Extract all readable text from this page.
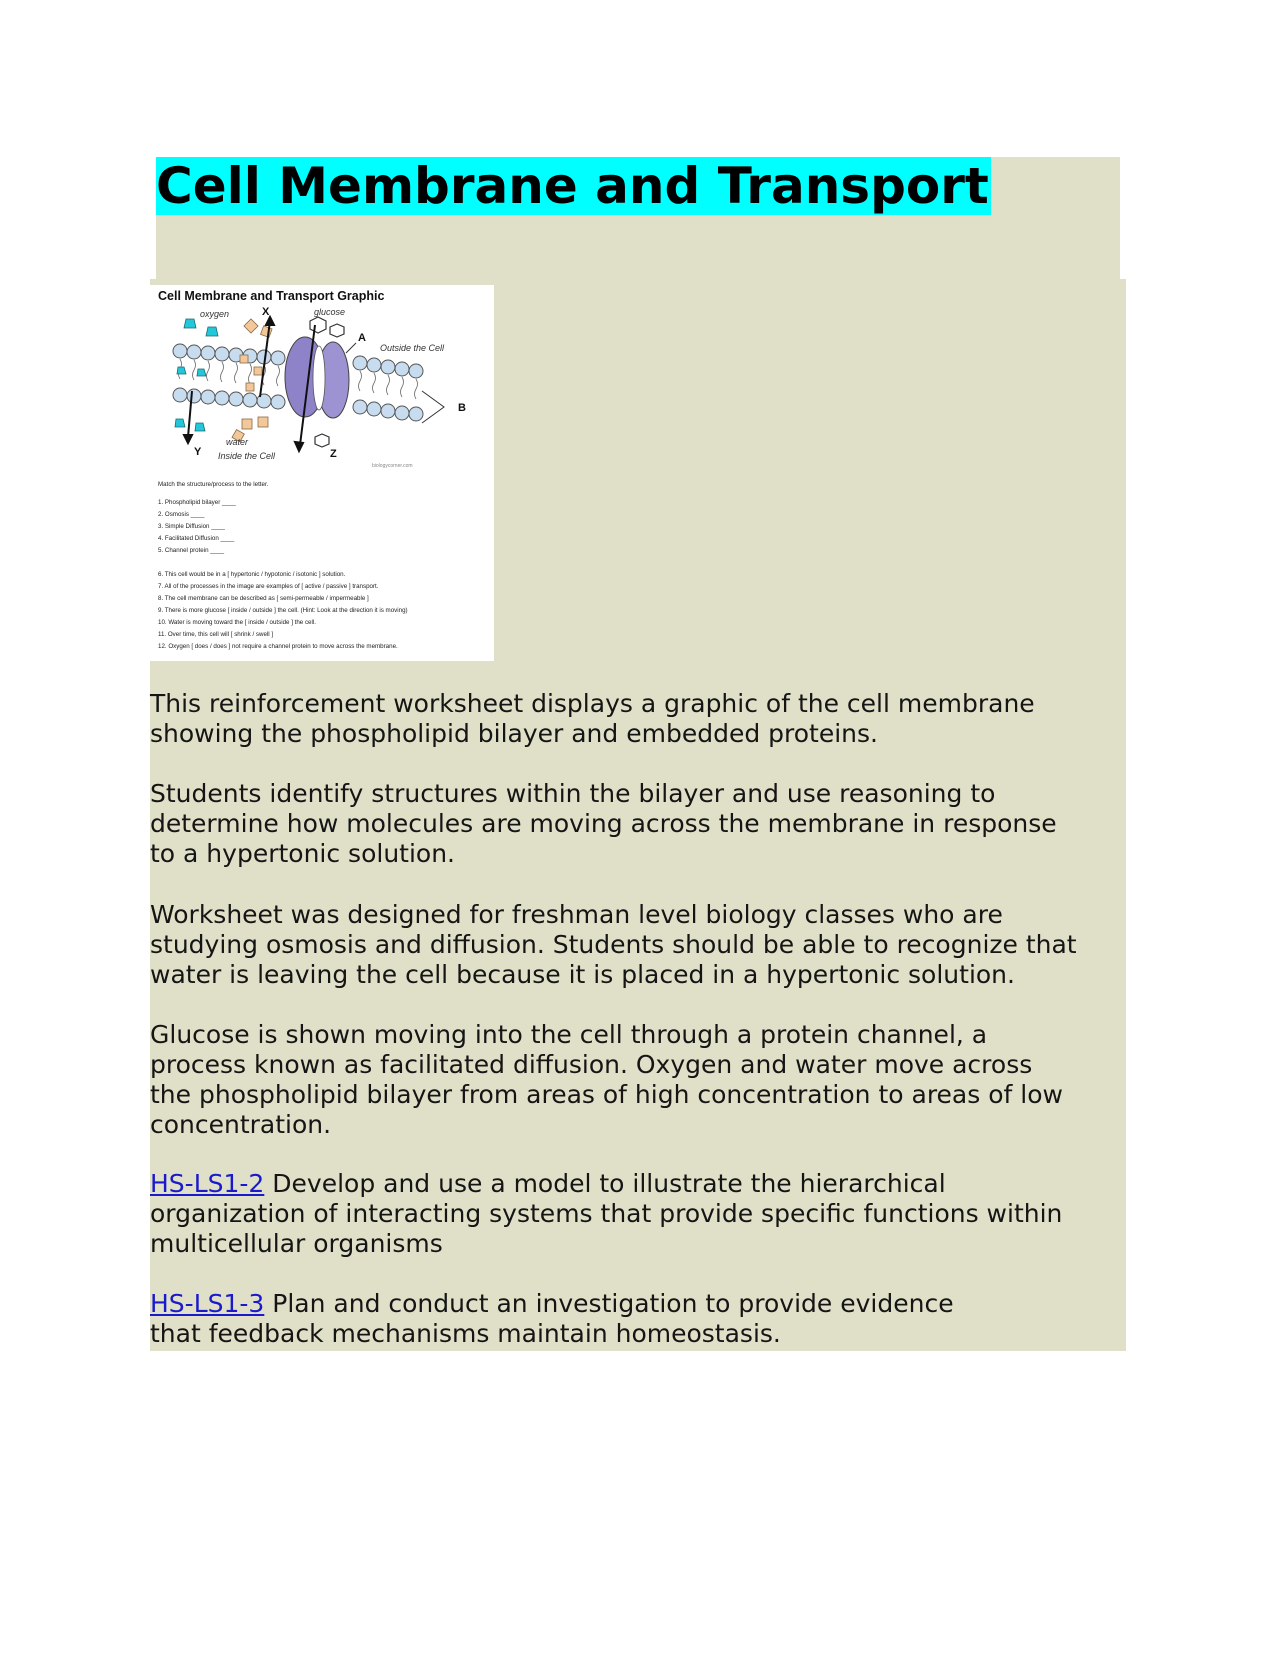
Cell Membrane and Transport
Cell Membrane and Transport Graphic
oxygen	glucose
water
Outside the Cell
Inside the Cell
X
Y	Z
A
B
biologycorner.com
Match the structure/process to the letter.
1. Phospholipid bilayer ____
2. Osmosis ____
3. Simple Diffusion ____
4. Facilitated Diffusion ____
5. Channel protein ____
6. This cell would be in a [ hypertonic / hypotonic / isotonic ] solution.
7. All of the processes in the image are examples of [ active / passive ] transport.
8. The cell membrane can be described as [ semi-permeable / impermeable ]
9. There is more glucose [ inside / outside ] the cell. (Hint: Look at the direction it is moving)
10. Water is moving toward the [ inside / outside ] the cell.
11. Over time, this cell will [ shrink / swell ]
12. Oxygen [ does / does ] not require a channel protein to move across the membrane.

This reinforcement worksheet displays a graphic of the cell membrane
showing the phospholipid bilayer and embedded proteins.

Students identify structures within the bilayer and use reasoning to
determine how molecules are moving across the membrane in response
to a hypertonic solution.

Worksheet was designed for freshman level biology classes who are
studying osmosis and diffusion. Students should be able to recognize that
water is leaving the cell because it is placed in a hypertonic solution.

Glucose is shown moving into the cell through a protein channel, a
process known as facilitated diffusion. Oxygen and water move across
the phospholipid bilayer from areas of high concentration to areas of low
concentration.

HS-LS1-2 Develop and use a model to illustrate the hierarchical
organization of interacting systems that provide specific functions within
multicellular organisms

HS-LS1-3 Plan and conduct an investigation to provide evidence
that feedback mechanisms maintain homeostasis.
